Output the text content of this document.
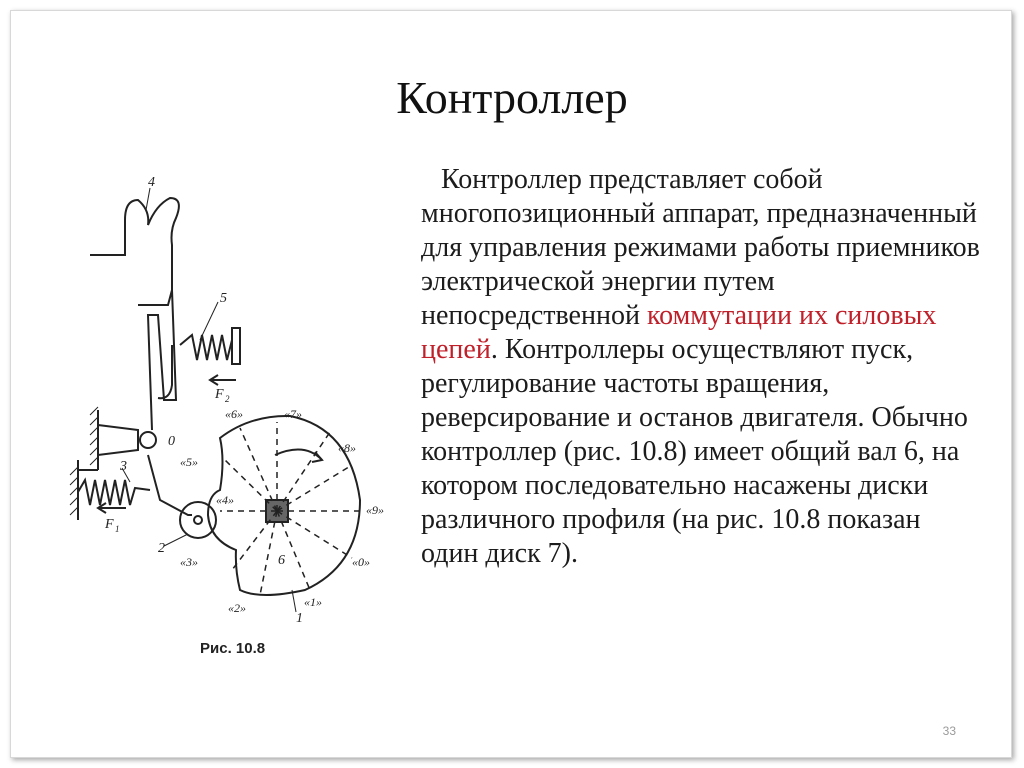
Контроллер
Контроллер представляет собой многопозиционный аппарат, предназначенный для управления режимами работы приемников электрической энергии путем непосредственной коммутации их силовых цепей. Контроллеры осуществляют пуск, регулирование частоты вращения, реверсирование и останов двигателя. Обычно контроллер (рис. 10.8) имеет общий вал 6, на котором последовательно насажены диски различного профиля (на рис. 10.8 показан один диск 7).
4
5
0
3
2
6
1
F 2
F 1
«6»	«7»
«8»
«9»
«0»
«1»
«2»
«3»
«4»
«5»
Рис. 10.8
33
